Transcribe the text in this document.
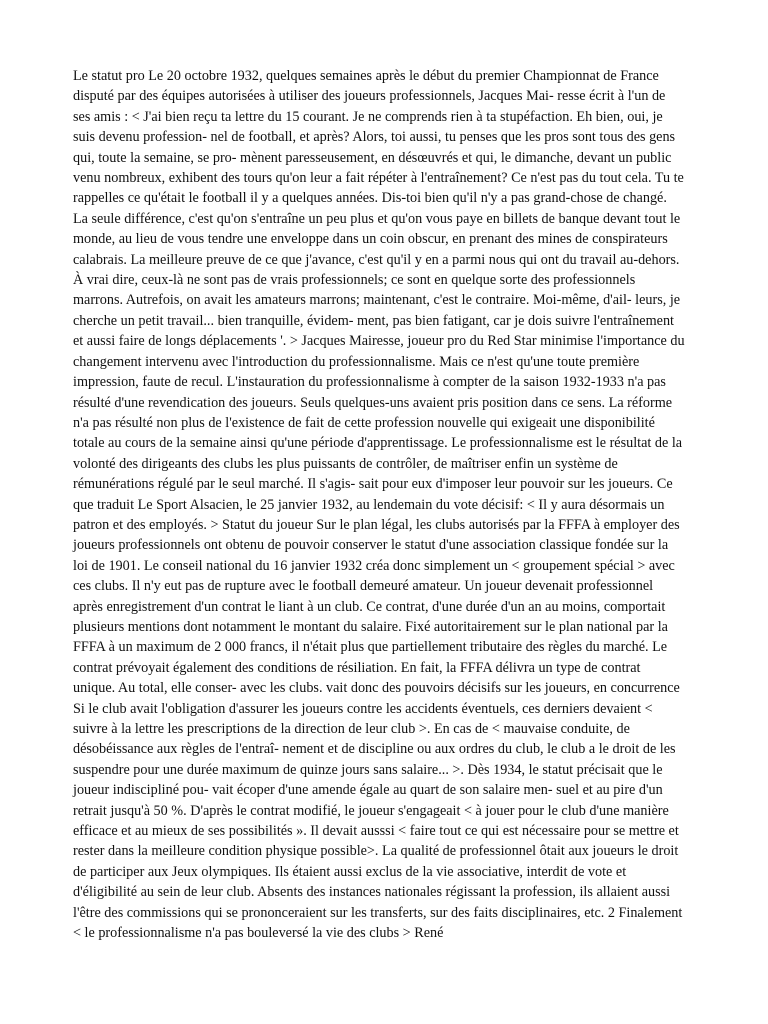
Le statut pro Le 20 octobre 1932, quelques semaines après le début du premier Championnat de France disputé par des équipes autorisées à utiliser des joueurs professionnels, Jacques Mai- resse écrit à l'un de ses amis : < J'ai bien reçu ta lettre du 15 courant. Je ne comprends rien à ta stupéfaction. Eh bien, oui, je suis devenu profession- nel de football, et après? Alors, toi aussi, tu penses que les pros sont tous des gens qui, toute la semaine, se pro- mènent paresseusement, en désœuvrés et qui, le dimanche, devant un public venu nombreux, exhibent des tours qu'on leur a fait répéter à l'entraînement? Ce n'est pas du tout cela. Tu te rappelles ce qu'était le football il y a quelques années. Dis-toi bien qu'il n'y a pas grand-chose de changé. La seule différence, c'est qu'on s'entraîne un peu plus et qu'on vous paye en billets de banque devant tout le monde, au lieu de vous tendre une enveloppe dans un coin obscur, en prenant des mines de conspirateurs calabrais. La meilleure preuve de ce que j'avance, c'est qu'il y en a parmi nous qui ont du travail au-dehors. À vrai dire, ceux-là ne sont pas de vrais professionnels; ce sont en quelque sorte des professionnels marrons. Autrefois, on avait les amateurs marrons; maintenant, c'est le contraire. Moi-même, d'ail- leurs, je cherche un petit travail... bien tranquille, évidem- ment, pas bien fatigant, car je dois suivre l'entraînement et aussi faire de longs déplacements '. > Jacques Mairesse, joueur pro du Red Star minimise l'importance du changement intervenu avec l'introduction du professionnalisme. Mais ce n'est qu'une toute première impression, faute de recul. L'instauration du professionnalisme à compter de la saison 1932-1933 n'a pas résulté d'une revendication des joueurs. Seuls quelques-uns avaient pris position dans ce sens. La réforme n'a pas résulté non plus de l'existence de fait de cette profession nouvelle qui exigeait une disponibilité totale au cours de la semaine ainsi qu'une période d'apprentissage. Le professionnalisme est le résultat de la volonté des dirigeants des clubs les plus puissants de contrôler, de maîtriser enfin un système de rémunérations régulé par le seul marché. Il s'agis- sait pour eux d'imposer leur pouvoir sur les joueurs. Ce que traduit Le Sport Alsacien, le 25 janvier 1932, au lendemain du vote décisif: < Il y aura désormais un patron et des employés. > Statut du joueur Sur le plan légal, les clubs autorisés par la FFFA à employer des joueurs professionnels ont obtenu de pouvoir conserver le statut d'une association classique fondée sur la loi de 1901. Le conseil national du 16 janvier 1932 créa donc simplement un < groupement spécial > avec ces clubs. Il n'y eut pas de rupture avec le football demeuré amateur. Un joueur devenait professionnel après enregistrement d'un contrat le liant à un club. Ce contrat, d'une durée d'un an au moins, comportait plusieurs mentions dont notamment le montant du salaire. Fixé autoritairement sur le plan national par la FFFA à un maximum de 2 000 francs, il n'était plus que partiellement tributaire des règles du marché. Le contrat prévoyait également des conditions de résiliation. En fait, la FFFA délivra un type de contrat unique. Au total, elle conser- avec les clubs. vait donc des pouvoirs décisifs sur les joueurs, en concurrence Si le club avait l'obligation d'assurer les joueurs contre les accidents éventuels, ces derniers devaient < suivre à la lettre les prescriptions de la direction de leur club >. En cas de < mauvaise conduite, de désobéissance aux règles de l'entraî- nement et de discipline ou aux ordres du club, le club a le droit de les suspendre pour une durée maximum de quinze jours sans salaire... >. Dès 1934, le statut précisait que le joueur indiscipliné pou- vait écoper d'une amende égale au quart de son salaire men- suel et au pire d'un retrait jusqu'à 50 %. D'après le contrat modifié, le joueur s'engageait < à jouer pour le club d'une manière efficace et au mieux de ses possibilités ». Il devait ausssi < faire tout ce qui est nécessaire pour se mettre et rester dans la meilleure condition physique possible>. La qualité de professionnel ôtait aux joueurs le droit de participer aux Jeux olympiques. Ils étaient aussi exclus de la vie associative, interdit de vote et d'éligibilité au sein de leur club. Absents des instances nationales régissant la profession, ils allaient aussi l'être des commissions qui se prononceraient sur les transferts, sur des faits disciplinaires, etc. 2 Finalement < le professionnalisme n'a pas bouleversé la vie des clubs > René
